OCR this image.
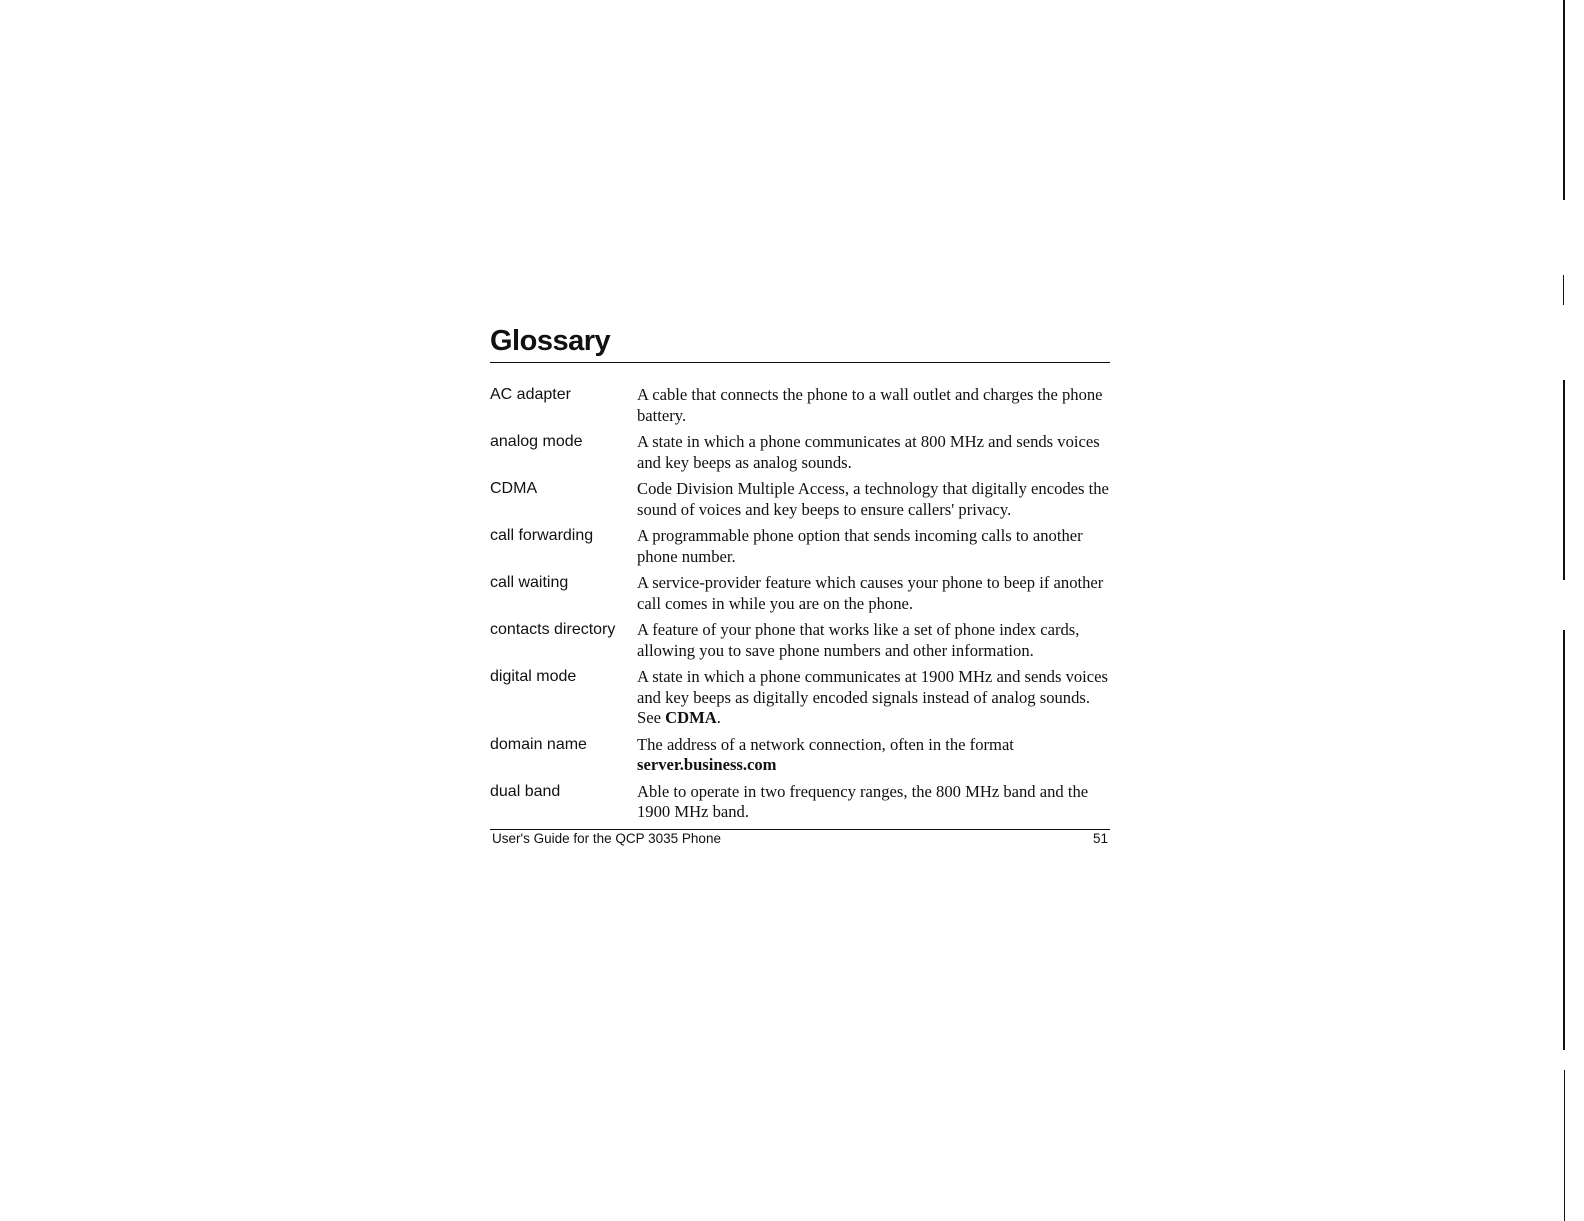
Glossary
AC adapter	A cable that connects the phone to a wall outlet and charges the phone battery.
analog mode	A state in which a phone communicates at 800 MHz and sends voices and key beeps as analog sounds.
CDMA	Code Division Multiple Access, a technology that digitally encodes the sound of voices and key beeps to ensure callers' privacy.
call forwarding	A programmable phone option that sends incoming calls to another phone number.
call waiting	A service-provider feature which causes your phone to beep if another call comes in while you are on the phone.
contacts directory	A feature of your phone that works like a set of phone index cards, allowing you to save phone numbers and other information.
digital mode	A state in which a phone communicates at 1900 MHz and sends voices and key beeps as digitally encoded signals instead of analog sounds. See CDMA.
domain name	The address of a network connection, often in the format server.business.com
dual band	Able to operate in two frequency ranges, the 800 MHz band and the 1900 MHz band.
User's Guide for the QCP 3035 Phone	51
